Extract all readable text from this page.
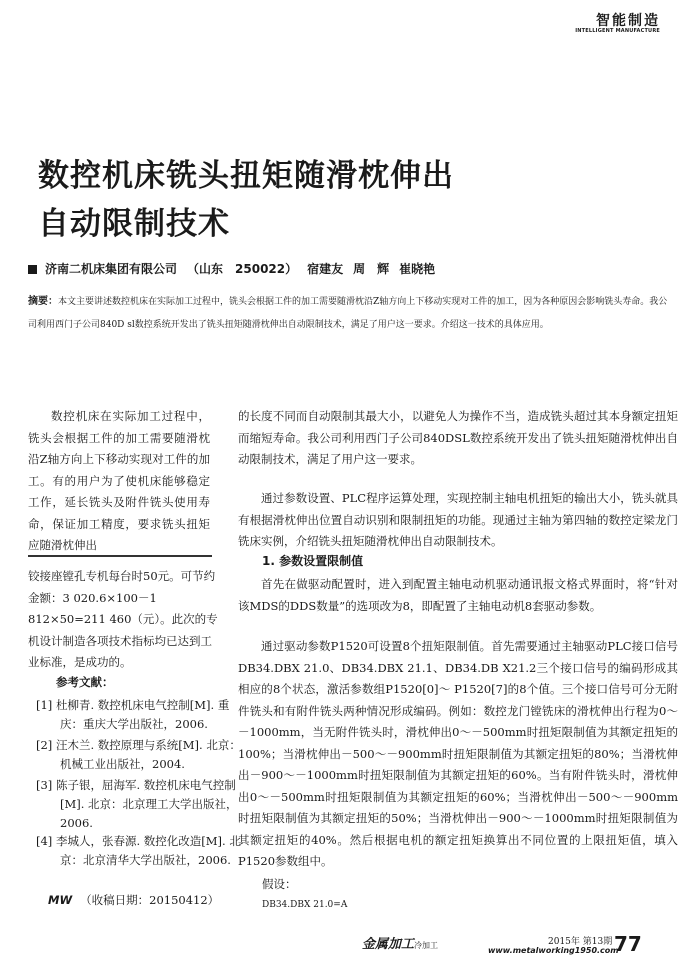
智能制造
INTELLIGENT MANUFACTURE
数控机床铣头扭矩随滑枕伸出
自动限制技术
济南二机床集团有限公司 （山东　250022） 宿建友 周　辉 崔晓艳
摘要：本文主要讲述数控机床在实际加工过程中，铣头会根据工件的加工需要随滑枕沿Z轴方向上下移动实现对工件的加工，因为各种原因会影响铣头寿命。我公司利用西门子公司840D sl数控系统开发出了铣头扭矩随滑枕伸出自动限制技术，满足了用户这一要求。介绍这一技术的具体应用。
数控机床在实际加工过程中，铣头会根据工件的加工需要随滑枕沿Z轴方向上下移动实现对工件的加工。有的用户为了使机床能够稳定工作，延长铣头及附件铣头使用寿命，保证加工精度，要求铣头扭矩应随滑枕伸出
铰接座镗孔专机每台时50元。可节约金额：3 020.6×100－1 812×50=211 460（元）。此次的专机设计制造各项技术指标均已达到工业标准，是成功的。
参考文献：
[1] 杜柳青. 数控机床电气控制[M]. 重庆：重庆大学出版社，2006.
[2] 汪木兰. 数控原理与系统[M]. 北京：机械工业出版社，2004.
[3] 陈子银，屈海军. 数控机床电气控制[M]. 北京：北京理工大学出版社，2006.
[4] 李城人，张春源. 数控化改造[M]. 北京：北京清华大学出版社，2006.
MW （收稿日期：20150412）

的长度不同而自动限制其最大小，以避免人为操作不当，造成铣头超过其本身额定扭矩而缩短寿命。我公司利用西门子公司840DSL数控系统开发出了铣头扭矩随滑枕伸出自动限制技术，满足了用户这一要求。

通过参数设置、PLC程序运算处理，实现控制主轴电机扭矩的输出大小，铣头就具有根据滑枕伸出位置自动识别和限制扭矩的功能。现通过主轴为第四轴的数控定梁龙门铣床实例，介绍铣头扭矩随滑枕伸出自动限制技术。

1. 参数设置限制值

首先在做驱动配置时，进入到配置主轴电动机驱动通讯报文格式界面时，将“针对该MDS的DDS数量”的选项改为8，即配置了主轴电动机8套驱动参数。

通过驱动参数P1520可设置8个扭矩限制值。首先需要通过主轴驱动PLC接口信号DB34.DBX 21.0、DB34.DBX 21.1、DB34.DB X21.2三个接口信号的编码形成其相应的8个状态，激活参数组P1520[0]～ P1520[7]的8个值。三个接口信号可分无附件铣头和有附件铣头两种情况形成编码。例如：数控龙门镗铣床的滑枕伸出行程为0～－1000mm，当无附件铣头时，滑枕伸出0～－500mm时扭矩限制值为其额定扭矩的100%；当滑枕伸出－500～－900mm时扭矩限制值为其额定扭矩的80%；当滑枕伸出－900～－1000mm时扭矩限制值为其额定扭矩的60%。当有附件铣头时，滑枕伸出0～－500mm时扭矩限制值为其额定扭矩的60%；当滑枕伸出－500～－900mm时扭矩限制值为其额定扭矩的50%；当滑枕伸出－900～－1000mm时扭矩限制值为其额定扭矩的40%。然后根据电机的额定扭矩换算出不同位置的上限扭矩值，填入P1520参数组中。

假设：
DB34.DBX 21.0=A
金属加工冷加工	2015年 第13期
www.metalworking1950.com
77
